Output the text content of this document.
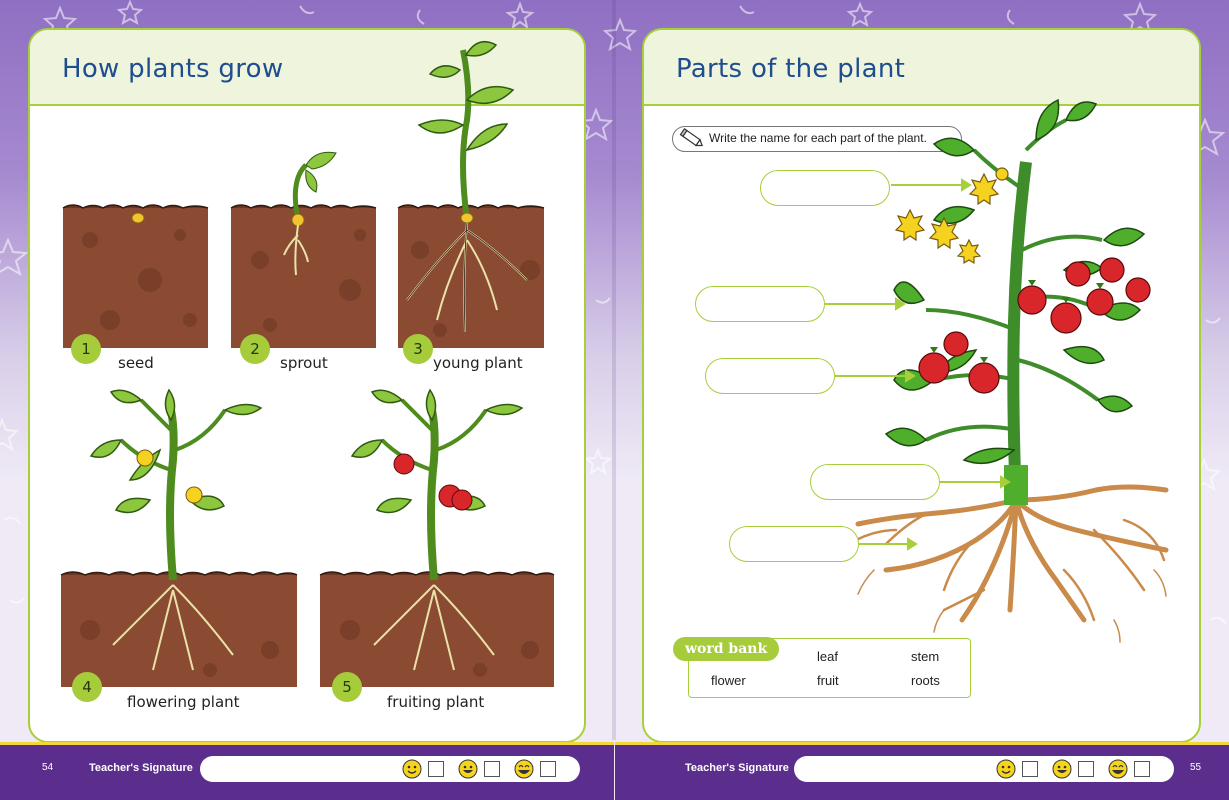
How plants grow
1
seed
2
sprout
3
young plant
4
flowering plant
5
fruiting plant
Parts of the plant
Write the name for each part of the plant.
word bank	leaf	stem
flower	fruit	roots
54	Teacher's Signature	Teacher's Signature	55
